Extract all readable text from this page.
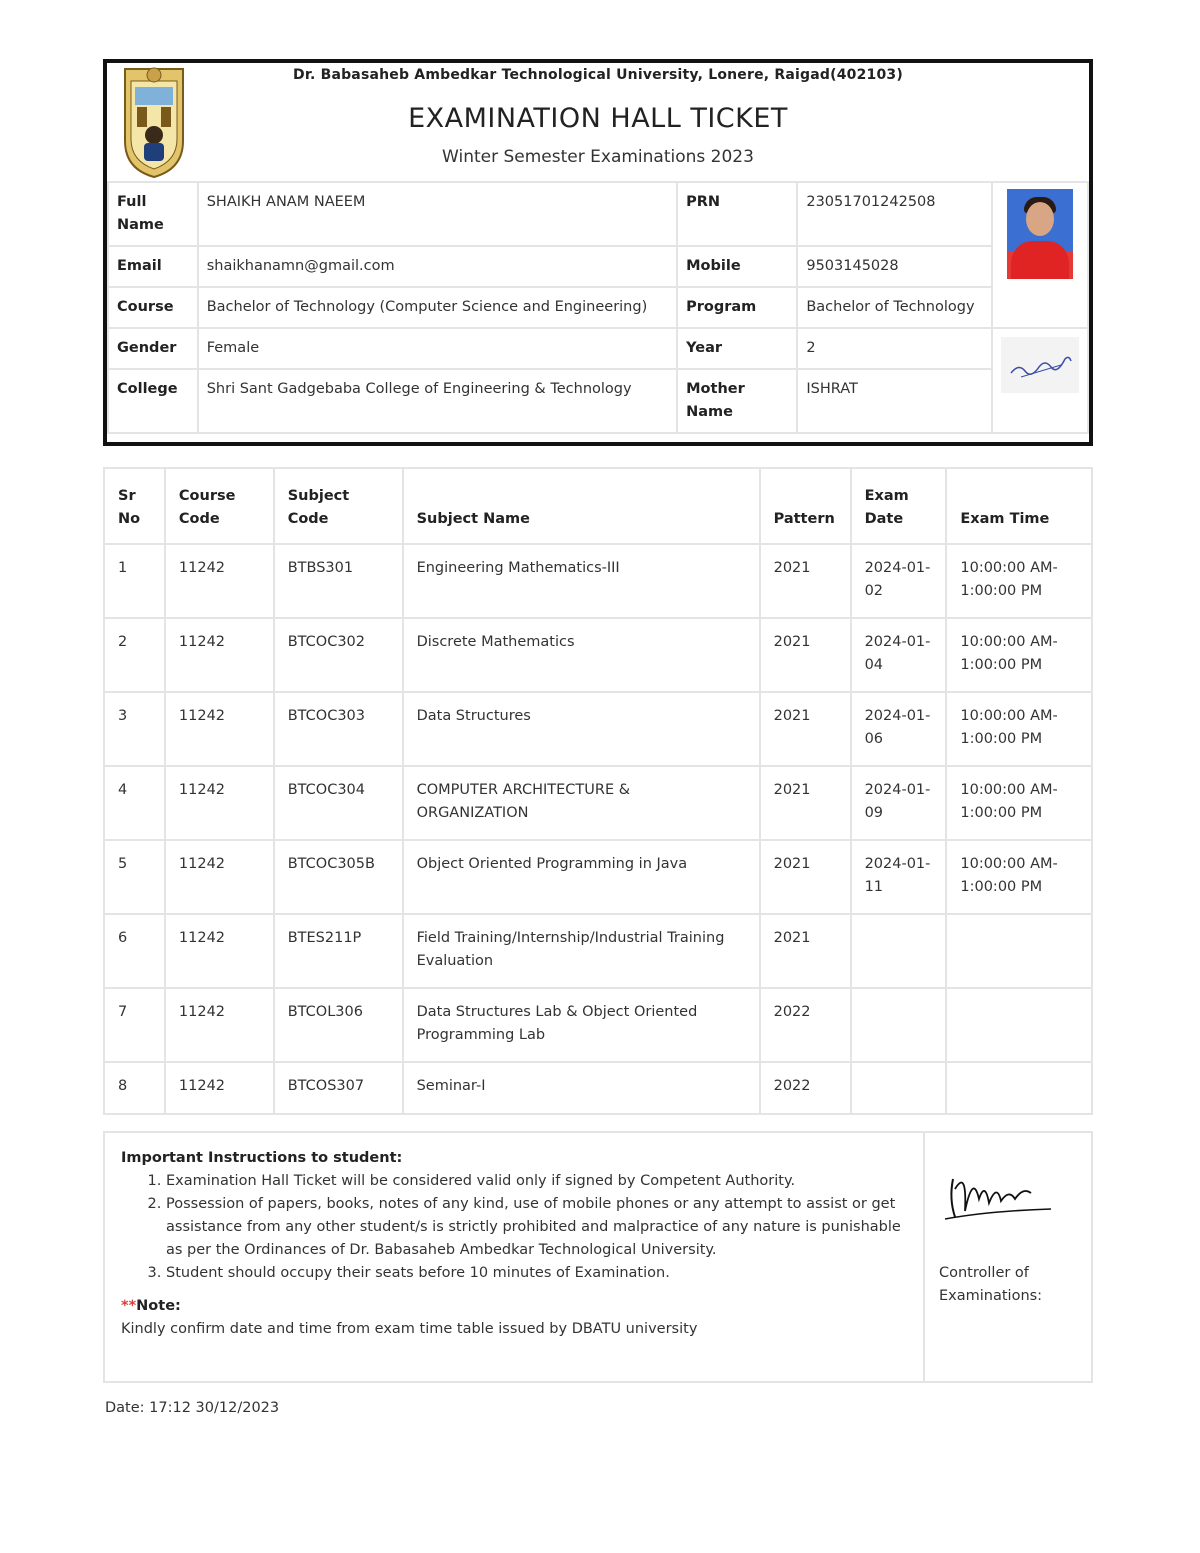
Dr. Babasaheb Ambedkar Technological University, Lonere, Raigad(402103)
EXAMINATION HALL TICKET
Winter Semester Examinations 2023
Full Name	SHAIKH ANAM NAEEM	PRN	2305170124250​8	

Email	shaikhanamn@gmail.com	Mobile	9503145028	
Course	Bachelor of Technology (Computer Science and Engineering)	Program	Bachelor of Technology	
Gender	Female	Year	2	
College	Shri Sant Gadgebaba College of Engineering & Technology	Mother Name	ISHRAT	
Sr No	Course Code	Subject Code	Subject Name	Pattern	Exam Date	Exam Time
1	11242	BTBS301	Engineering Mathematics-III	2021	2024-01-02	10:00:00 AM-1:00:00 PM
2	11242	BTCOC302	Discrete Mathematics	2021	2024-01-04	10:00:00 AM-1:00:00 PM
3	11242	BTCOC303	Data Structures	2021	2024-01-06	10:00:00 AM-1:00:00 PM
4	11242	BTCOC304	COMPUTER ARCHITECTURE & ORGANIZATION	2021	2024-01-09	10:00:00 AM-1:00:00 PM
5	11242	BTCOC305B	Object Oriented Programming in Java	2021	2024-01-11	10:00:00 AM-1:00:00 PM
6	11242	BTES211P	Field Training/Internship/Industrial Training Evaluation	2021		
7	11242	BTCOL306	Data Structures Lab & Object Oriented Programming Lab	2022		
8	11242	BTCOS307	Seminar-I	2022		
Important Instructions to student:
1. Examination Hall Ticket will be considered valid only if signed by Competent Authority.
2. Possession of papers, books, notes of any kind, use of mobile phones or any attempt to assist or get assistance from any other student/s is strictly prohibited and malpractice of any nature is punishable as per the Ordinances of Dr. Babasaheb Ambedkar Technological University.
3. Student should occupy their seats before 10 minutes of Examination.
**Note:
Kindly confirm date and time from exam time table issued by DBATU university
Controller of Examinations:
Date: 17:12 30/12/2023
